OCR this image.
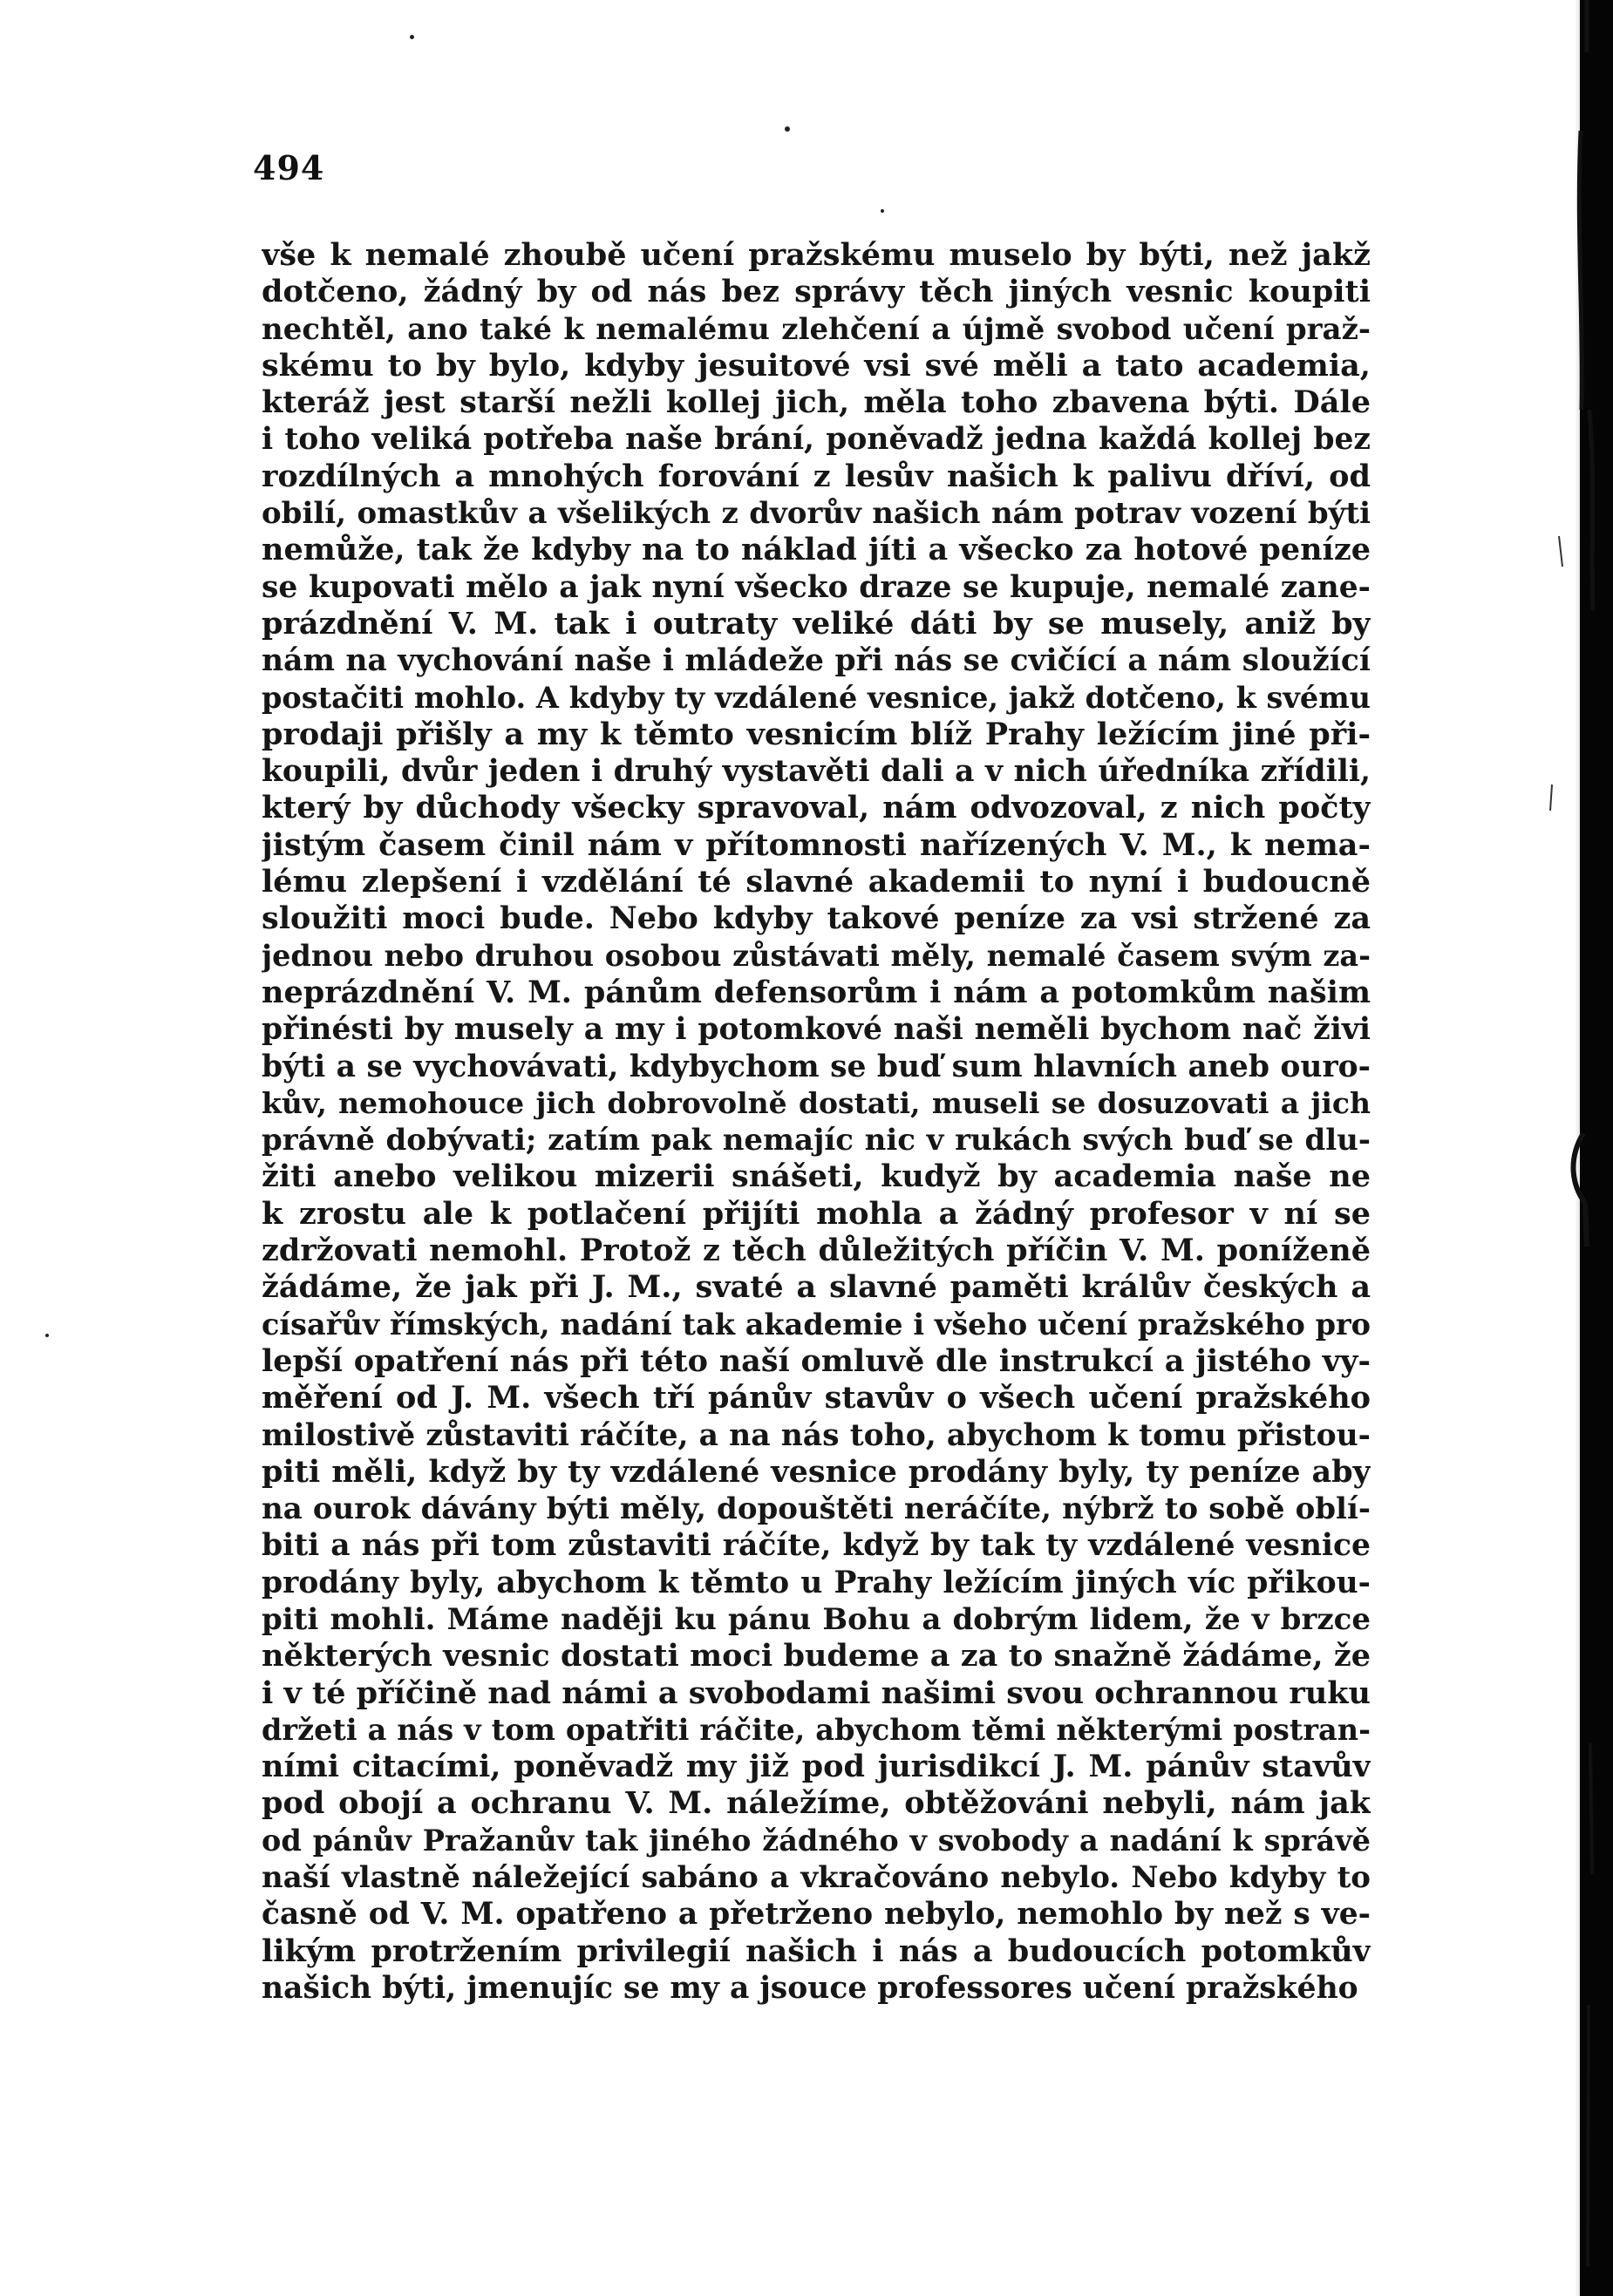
494
vše k nemalé zhoubě učení pražskému muselo by býti, než jakž
dotčeno, žádný by od nás bez správy těch jiných vesnic koupiti
nechtěl, ano také k nemalému zlehčení a újmě svobod učení praž-
skému to by bylo, kdyby jesuitové vsi své měli a tato academia,
kteráž jest starší nežli kollej jich, měla toho zbavena býti. Dále
i toho veliká potřeba naše brání, poněvadž jedna každá kollej bez
rozdílných a mnohých forování z lesův našich k palivu dříví, od
obilí, omastkův a všelikých z dvorův našich nám potrav vození býti
nemůže, tak že kdyby na to náklad jíti a všecko za hotové peníze
se kupovati mělo a jak nyní všecko draze se kupuje, nemalé zane-
prázdnění V. M. tak i outraty veliké dáti by se musely, aniž by
nám na vychování naše i mládeže při nás se cvičící a nám sloužící
postačiti mohlo. A kdyby ty vzdálené vesnice, jakž dotčeno, k svému
prodaji přišly a my k těmto vesnicím blíž Prahy ležícím jiné při-
koupili, dvůr jeden i druhý vystavěti dali a v nich úředníka zřídili,
který by důchody všecky spravoval, nám odvozoval, z nich počty
jistým časem činil nám v přítomnosti nařízených V. M., k nema-
lému zlepšení i vzdělání té slavné akademii to nyní i budoucně
sloužiti moci bude. Nebo kdyby takové peníze za vsi stržené za
jednou nebo druhou osobou zůstávati měly, nemalé časem svým za-
neprázdnění V. M. pánům defensorům i nám a potomkům našim
přinésti by musely a my i potomkové naši neměli bychom nač živi
býti a se vychovávati, kdybychom se buď sum hlavních aneb ouro-
kův, nemohouce jich dobrovolně dostati, museli se dosuzovati a jich
právně dobývati; zatím pak nemajíc nic v rukách svých buď se dlu-
žiti anebo velikou mizerii snášeti, kudyž by academia naše ne
k zrostu ale k potlačení přijíti mohla a žádný profesor v ní se
zdržovati nemohl. Protož z těch důležitých příčin V. M. poníženě
žádáme, že jak při J. M., svaté a slavné paměti králův českých a
císařův římských, nadání tak akademie i všeho učení pražského pro
lepší opatření nás při této naší omluvě dle instrukcí a jistého vy-
měření od J. M. všech tří pánův stavův o všech učení pražského
milostivě zůstaviti ráčíte, a na nás toho, abychom k tomu přistou-
piti měli, když by ty vzdálené vesnice prodány byly, ty peníze aby
na ourok dávány býti měly, dopouštěti neráčíte, nýbrž to sobě oblí-
biti a nás při tom zůstaviti ráčíte, když by tak ty vzdálené vesnice
prodány byly, abychom k těmto u Prahy ležícím jiných víc přikou-
piti mohli. Máme naději ku pánu Bohu a dobrým lidem, že v brzce
některých vesnic dostati moci budeme a za to snažně žádáme, že
i v té příčině nad námi a svobodami našimi svou ochrannou ruku
držeti a nás v tom opatřiti ráčite, abychom těmi některými postran-
ními citacími, poněvadž my již pod jurisdikcí J. M. pánův stavův
pod obojí a ochranu V. M. náležíme, obtěžováni nebyli, nám jak
od pánův Pražanův tak jiného žádného v svobody a nadání k správě
naší vlastně náležející sabáno a vkračováno nebylo. Nebo kdyby to
časně od V. M. opatřeno a přetrženo nebylo, nemohlo by než s ve-
likým protržením privilegií našich i nás a budoucích potomkův
našich býti, jmenujíc se my a jsouce professores učení pražského
